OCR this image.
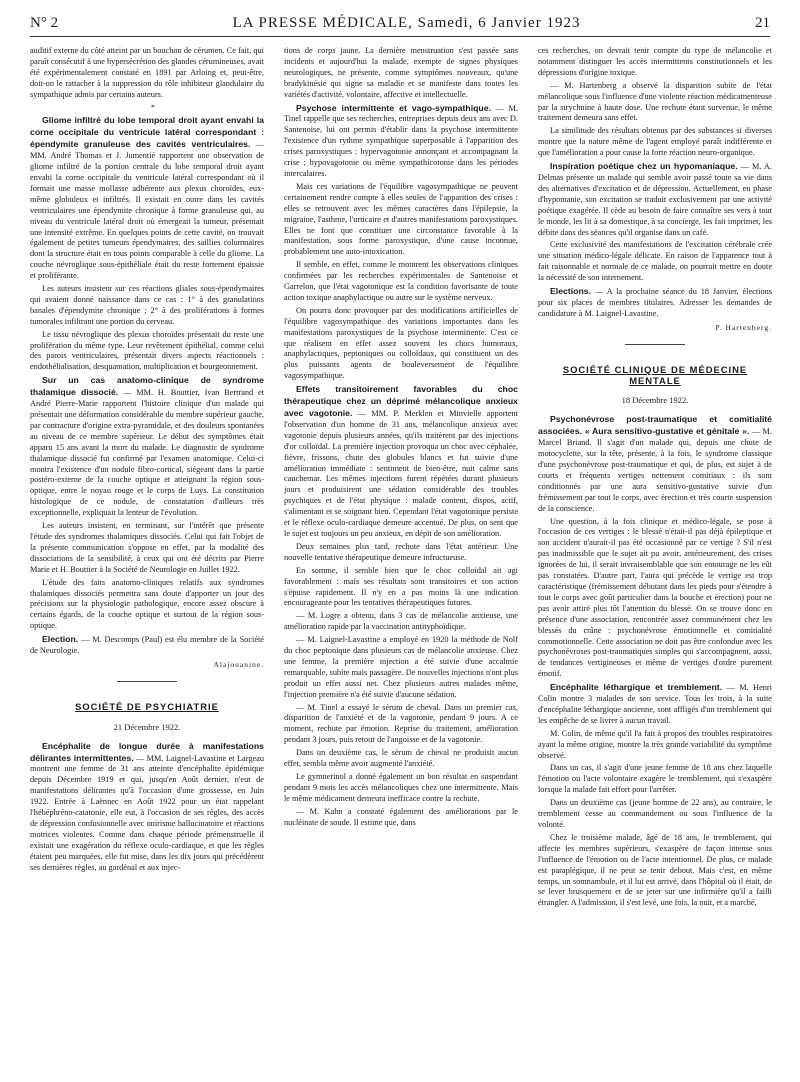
N° 2	LA PRESSE MÉDICALE, Samedi, 6 Janvier 1923	21

auditif externe du côté atteint par un bouchon de cérumen. Ce fait, qui paraît consécutif à une hypersécrétion des glandes cérumineuses, avait été expérimentalement constaté en 1891 par Arloing et, peut-être, doit-on le rattacher à la suppression du rôle inhibiteur glandulaire du sympathique admis par certains auteurs.

*

Gliome infiltré du lobe temporal droit ayant envahi la corne occipitale du ventricule latéral correspondant : épendymite granuleuse des cavités ventriculaires. — MM. André Thomas et J. Jumentié rapportent une observation de gliome infiltré de la portion centrale du lobe temporal droit ayant envahi la corne occipitale du ventricule latéral correspondant où il formait une masse mollasse adhérente aux plexus choroïdes, eux-même globuleux et infiltrés. Il existait en outre dans les cavités ventriculaires une épendymite chronique à forme granuleuse qui, au niveau du ventricule latéral droit où émergeait la tumeur, présentait une intensité extrême. En quelques points de cette cavité, on trouvait également de petites tumeurs épendymaires, des saillies columnaires dont la structure était en tous points comparable à celle du gliome. La couche névroglique sous-épithéliale était du reste fortement épaissie et proliférante.

Les auteurs insistent sur ces réactions gliales sous-épendymaires qui avaient donné naissance dans ce cas : 1° à des granulations banales d'épendymite chronique ; 2° à des proliférations à formes tumorales infiltrant une portion du cerveau.

Le tissu névroglique des plexus choroïdes présentait du reste une prolifération du même type. Leur revêtement épithélial, comme celui des parois ventriculaires, présentait divers aspects réactionnels : endothélialisation, desquamation, multiplication et bourgeonnement.

Sur un cas anatomo-clinique de syndrome thalamique dissocié. — MM. H. Bouttier, Ivan Bertrand et André Pierre-Marie rapportent l'histoire clinique d'un malade qui présentait une déformation considérable du membre supérieur gauche, par contracture d'origine extra-pyramidale, et des douleurs spontanées au niveau de ce membre supérieur. Le début des symptômes était apparu 15 ans avant la mort du malade. Le diagnostic de syndrome thalamique dissocié fut confirmé par l'examen anatomique. Celui-ci montra l'existence d'un nodule fibro-cortical, siégeant dans la partie postéro-externe de la couche optique et atteignant la région sous-optique, entre le noyau rouge et le corps de Luys. La constitution histologique de ce nodule, de constatation d'ailleurs très exceptionnelle, expliquait la lenteur de l'évolution.

Les auteurs insistent, en terminant, sur l'intérêt que présente l'étude des syndromes thalamiques dissociés. Celui qui fait l'objet de la présente communication s'oppose en effet, par la modalité des dissociations de la sensibilité, à ceux qui ont été décrits par Pierre Marie et H. Bouttier à la Société de Neurologie en Juillet 1922.

L'étude des faits anatomo-cliniques relatifs aux syndromes thalamiques dissociés permettra sans doute d'apporter un jour des précisions sur la physiologie pathologique, encore assez obscure à certains égards, de la couche optique et surtout de la région sous-optique.

Election. — M. Descomps (Paul) est élu membre de la Société de Neurologie.

Alajouanine.
SOCIÉTÉ DE PSYCHIATRIE
21 Décembre 1922.

Encéphalite de longue durée à manifestations délirantes intermittentes. — MM. Laignel-Lavastine et Largeau montrent une femme de 31 ans atteinte d'encéphalite épidémique depuis Décembre 1919 et qui, jusqu'en Août dernier, n'eut de manifestations délirantes qu'à l'occasion d'une grossesse, en Juin 1922. Entrée à Laënnec en Août 1922 pour un état rappelant l'hébéphréno-catatonie, elle eut, à l'occasion de ses règles, des accès de dépression confusionnelle avec onirisme hallucinatoire et réactions motrices violentes. Comme dans chaque période prémenstruelle il existait une exagération du réflexe oculo-cardiaque, et que les règles étaient peu marquées, elle fut mise, dans les dix jours qui précédèrent ses dernières règles, au gardénal et aux injec-

tions de corps jaune. La dernière menstruation s'est passée sans incidents et aujourd'hui la malade, exempte de signes physiques neurologiques, ne présente, comme symptômes nouveaux, qu'une bradykinésie qui signe sa maladie et se manifeste dans toutes les variétés d'activité, volontaire, affective et intellectuelle.

Psychose intermittente et vago-sympathique. — M. Tinel rappelle que ses recherches, entreprises depuis deux ans avec D. Santenoise, lui ont permis d'établir dans la psychose intermittente l'existence d'un rythme sympathique superposable à l'apparition des crises paroxystiques : hypervagotonie annonçant et accompagnant la crise ; hypovagotonie ou même sympathicotonie dans les périodes intercalaires.

Mais ces variations de l'équilibre vagosympathique ne peuvent certainement rendre compte à elles seules de l'apparition des crises : elles se retrouvent avec les mêmes caractères dans l'épilepsie, la migraine, l'asthme, l'urticaire et d'autres manifestations paroxystiques. Elles ne font que constituer une circonstance favorable à la manifestation, sous forme paroxystique, d'une cause inconnue, probablement une auto-intoxication.

Il semble, en effet, comme le montrent les observations cliniques confirmées par les recherches expérimentales de Santenoise et Garrelon, que l'état vagotonique est la condition favorisante de toute action toxique anaphylactique ou autre sur le système nerveux.

On pourra donc provoquer par des modifications artificielles de l'équilibre vagosympathique des variations importantes dans les manifestations paroxystiques de la psychose intermittente. C'est ce que réalisent en effet assez souvent les chocs humoraux, anaphylactiques, peptoniques ou colloïdaux, qui constituent un des plus puissants agents de bouleversement de l'équilibre vagosympathique.

Effets transitoirement favorables du choc thérapeutique chez un déprimé mélancolique anxieux avec vagotonie. — MM. P. Merklen et Minvielle apportent l'observation d'un homme de 31 ans, mélancolique anxieux avec vagotonie depuis plusieurs années, qu'ils traitèrent par des injections d'or colloïdal. La première injection provoqua un choc avec céphalée, fièvre, frissons, chute des globules blancs et fut suivie d'une amélioration immédiate : sentiment de bien-être, nuit calme sans cauchemar. Les mêmes injections furent répétées durant plusieurs jours et produisirent une sédation considérable des troubles psychiques et de l'état physique : malade content, dispos, actif, s'alimentant et se soignant bien. Cependant l'état vagotonique persiste et le réflexe oculo-cardiaque demeure accentué. De plus, on sent que le sujet est toujours un peu anxieux, en dépit de son amélioration.

Deux semaines plus tard, rechute dans l'état antérieur. Une nouvelle tentative thérapeutique demeure infructueuse.

En somme, il semble bien que le choc colloïdal ait agi favorablement : mais ses résultats sont transitoires et son action s'épuise rapidement. Il n'y en a pas moins là une indication encourageante pour les tentatives thérapeutiques futures.

— M. Logre a obtenu, dans 3 cas de mélancolie anxieuse, une amélioration rapide par la vaccination antityphoïdique.

— M. Laignel-Lavastine a employé en 1920 la méthode de Nolf du choc peptonique dans plusieurs cas de mélancolie anxieuse. Chez une femme, la première injection a été suivie d'une accalmie remarquable, subite mais passagère. De nouvelles injections n'ont plus produit un effet aussi net. Chez plusieurs autres malades même, l'injection première n'a été suivie d'aucune sédation.

— M. Tinel a essayé le sérum de cheval. Dans un premier cas, disparition de l'anxiété et de la vagotonie, pendant 9 jours. A ce moment, rechute par émotion. Reprise du traitement, amélioration pendant 3 jours, puis retour de l'angoisse et de la vagotonie.

Dans un deuxième cas, le sérum de cheval ne produisit aucun effet, sembla même avoir augmenté l'anxiété.

Le gymnerinol a donné également un bon résultat en suspendant pendant 9 mois les accès mélancoliques chez une intermittente. Mais le même médicament demeura inefficace contre la rechute.

— M. Kahn a constaté également des améliorations par le nucléinate de soude. Il estime que, dans

ces recherches, on devrait tenir compte du type de mélancolie et notamment distinguer les accès intermittents constitutionnels et les dépressions d'origine toxique.

— M. Hartenberg a observé la disparition subite de l'état mélancolique sous l'influence d'une violente réaction médicamenteuse par la strychnine à haute dose. Une rechute étant survenue, le même traitement demeura sans effet.

La similitude des résultats obtenus par des substances si diverses montre que la nature même de l'agent employé paraît indifférente et que l'amélioration a pour cause la forte réaction neuro-organique.

Inspiration poétique chez un hypomaniaque. — M. A. Delmas présente un malade qui semble avoir passé toute sa vie dans des alternatives d'excitation et de dépression. Actuellement, en phase d'hypomanie, son excitation se traduit exclusivement par une activité poétique exagérée. Il cède au besoin de faire connaître ses vers à tout le monde, les lit à sa domestique, à sa concierge, les fait imprimer, les débite dans des séances qu'il organise dans un café.

Cette exclusivité des manifestations de l'excitation cérébrale crée une situation médico-légale délicate. En raison de l'apparence tout à fait raisonnable et normale de ce malade, on pourrait mettre en doute la nécessité de son internement.

Elections. — A la prochaine séance du 18 Janvier, élections pour six places de membres titulaires. Adresser les demandes de candidature à M. Laignel-Lavastine.

P. Hartenberg.
SOCIÉTÉ CLINIQUE DE MÉDECINE MENTALE
18 Décembre 1922.

Psychonévrose post-traumatique et comitialité associées. « Aura sensitivo-gustative et génitale ». — M. Marcel Briand. Il s'agit d'un malade qui, depuis une chute de motocyclette, sur la tête, présente, à la fois, le syndrome classique d'une psychonévrose post-traumatique et qui, de plus, est sujet à de courts et fréquents vertiges nettement comitiaux : ils sont conditionnés par une aura sensitivo-gustative suivie d'un frémissement par tout le corps, avec érection et très courte suspension de la conscience.

Une question, à la fois clinique et médico-légale, se pose à l'occasion de ces vertiges : le blessé n'était-il pas déjà épileptique et son accident n'aurait-il pas été occasionné par ce vertige ? S'il n'est pas inadmissible que le sujet ait pu avoir, antérieurement, des crises ignorées de lui, il serait invraisemblable que son entourage ne les eût pas constatées. D'autre part, l'aura qui précède le vertige est trop caractéristique (frémissement débutant dans les pieds pour s'étendre à tout le corps avec goût particulier dans la bouche et érection) pour ne pas avoir attiré plus tôt l'attention du blessé. On se trouve donc en présence d'une association, rencontrée assez communément chez les blessés du crâne : psychonévrose émotionnelle et comitialité commotionnelle. Cette association ne doit pas être confondue avec les psychonévroses post-traumatiques simples qui s'accompagnent, aussi, de tendances vertigineuses et même de vertiges d'ordre purement émotif.

Encéphalite léthargique et tremblement. — M. Henri Colin montre 3 malades de son service. Tous les trois, à la suite d'encéphalite léthargique ancienne, sont affligés d'un tremblement qui les empêche de se livrer à aucun travail.

M. Colin, de même qu'il l'a fait à propos des troubles respiratoires ayant la même origine, montre la très grande variabilité du symptôme observé.

Dans un cas, il s'agit d'une jeune femme de 18 ans chez laquelle l'émotion ou l'acte volontaire exagère le tremblement, qui s'exaspère lorsque la malade fait effort pour l'arrêter.

Dans un deuxième cas (jeune homme de 22 ans), au contraire, le tremblement cesse au commandement ou sous l'influence de la volonté.

Chez le troisième malade, âgé de 18 ans, le tremblement, qui affecte les membres supérieurs, s'exaspère de façon intense sous l'influence de l'émotion ou de l'acte intentionnel. De plus, ce malade est paraplégique, il ne peut se tenir debout. Mais c'est, en même temps, un somnambule, et il lui est arrivé, dans l'hôpital où il était, de se lever brusquement et de se jeter sur une infirmière qu'il a failli étrangler. A l'admission, il s'est levé, une fois, la nuit, et a marché,
